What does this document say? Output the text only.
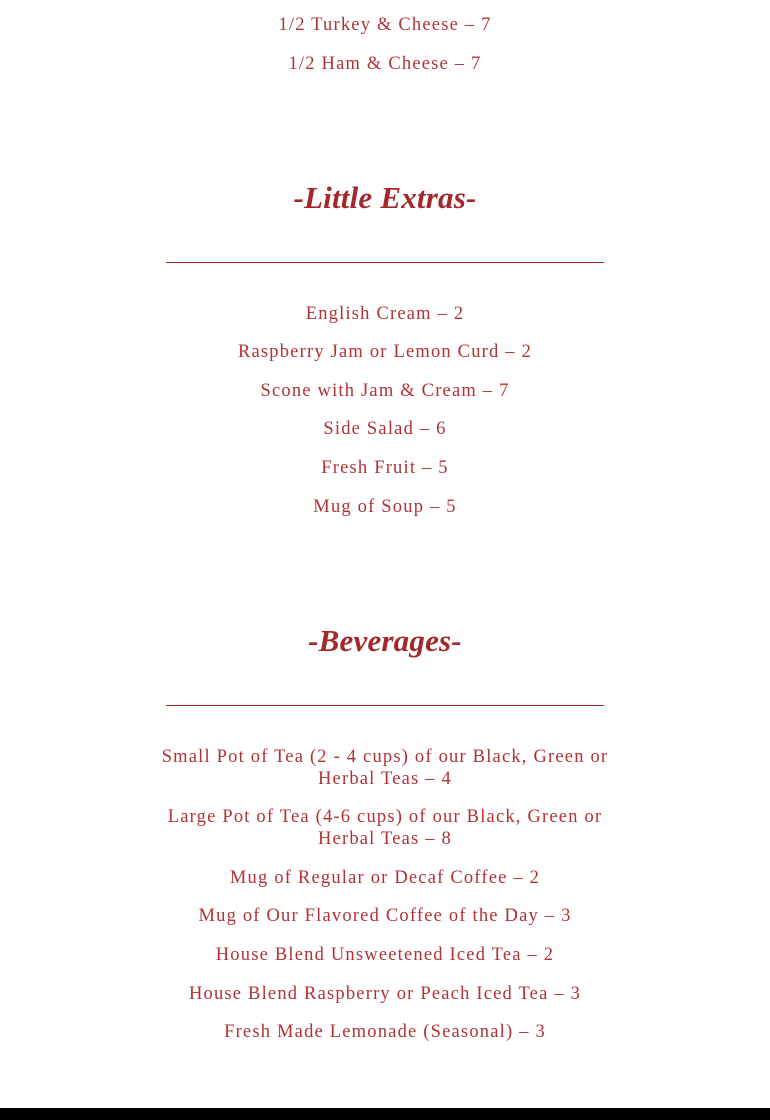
1/2 Turkey & Cheese – 7
1/2 Ham & Cheese – 7
-Little Extras-
English Cream – 2
Raspberry Jam or Lemon Curd – 2
Scone with Jam & Cream – 7
Side Salad – 6
Fresh Fruit – 5
Mug of Soup – 5
-Beverages-
Small Pot of Tea (2 - 4 cups) of our Black, Green or Herbal Teas – 4
Large Pot of Tea (4-6 cups) of our Black, Green or Herbal Teas – 8
Mug of Regular or Decaf Coffee – 2
Mug of Our Flavored Coffee of the Day – 3
House Blend Unsweetened Iced Tea – 2
House Blend Raspberry or Peach Iced Tea – 3
Fresh Made Lemonade (Seasonal) – 3
